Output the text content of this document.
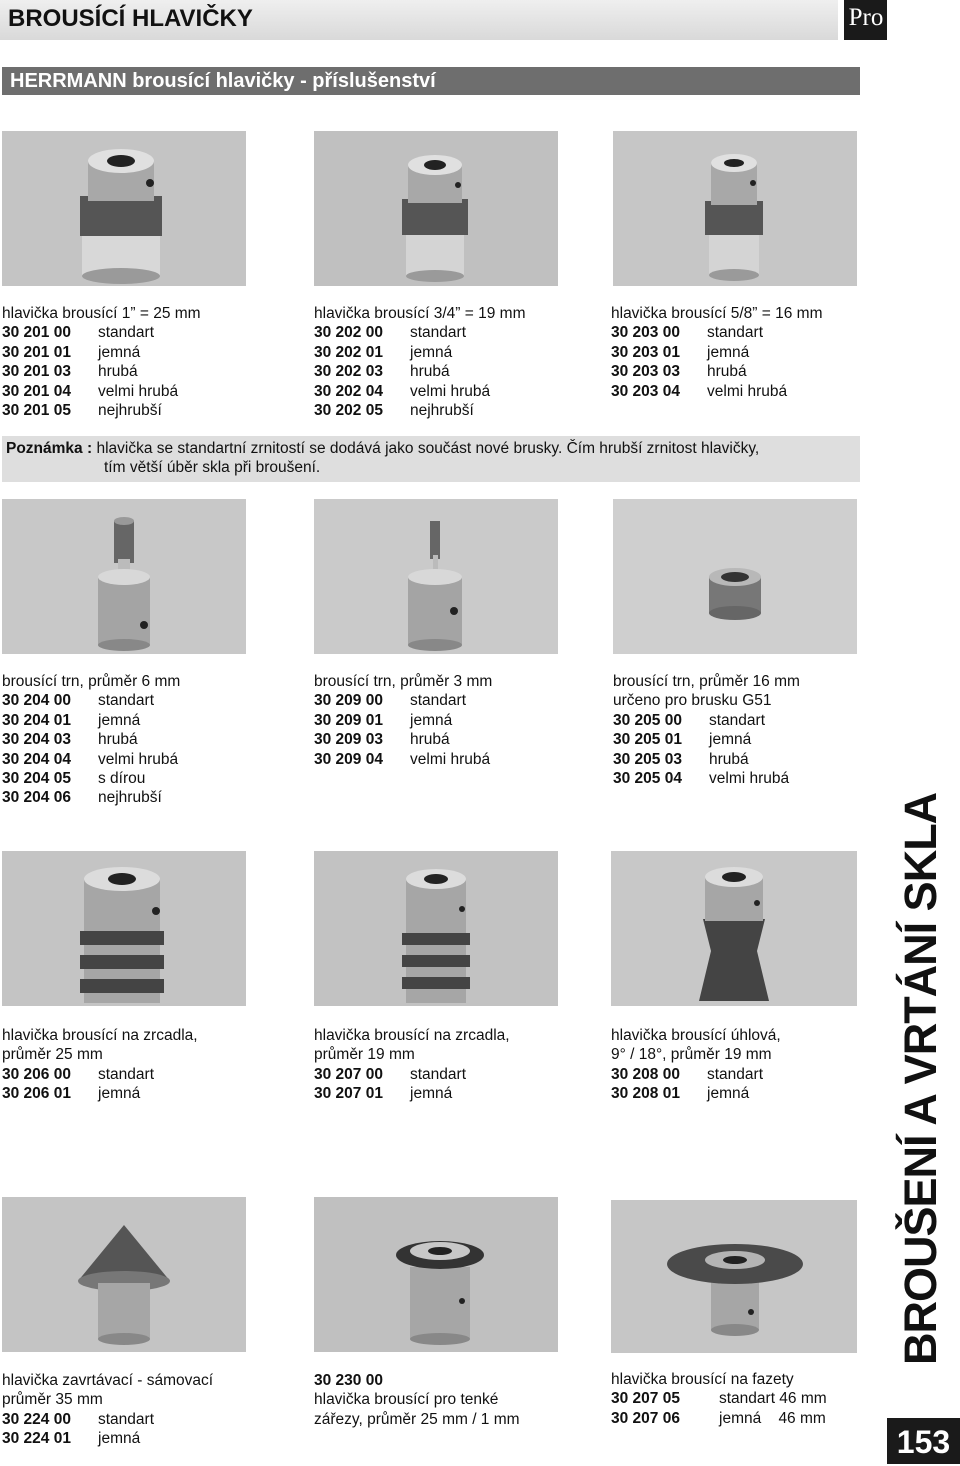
BROUSÍCÍ HLAVIČKY	Pro
HERRMANN brousící hlavičky - příslušenství
BROUŠENÍ A VRTÁNÍ SKLA
153
hlavička brousící 1” = 25 mm
30 201 00 standart
30 201 01 jemná
30 201 03 hrubá
30 201 04 velmi hrubá
30 201 05 nejhrubší
hlavička brousící 3/4” = 19 mm
30 202 00 standart
30 202 01 jemná
30 202 03 hrubá
30 202 04 velmi hrubá
30 202 05 nejhrubší
hlavička brousící 5/8” = 16 mm
30 203 00 standart
30 203 01 jemná
30 203 03 hrubá
30 203 04 velmi hrubá
Poznámka : hlavička se standartní zrnitostí se dodává jako součást nové brusky. Čím hrubší zrnitost hlavičky,
tím větší úběr skla při broušení.
brousící trn, průměr 6 mm
30 204 00 standart
30 204 01 jemná
30 204 03 hrubá
30 204 04 velmi hrubá
30 204 05 s dírou
30 204 06 nejhrubší
brousící trn, průměr 3 mm
30 209 00 standart
30 209 01 jemná
30 209 03 hrubá
30 209 04 velmi hrubá
brousící trn, průměr 16 mm
určeno pro brusku G51
30 205 00 standart
30 205 01 jemná
30 205 03 hrubá
30 205 04 velmi hrubá
hlavička brousící na zrcadla,
průměr 25 mm
30 206 00 standart
30 206 01 jemná
hlavička brousící na zrcadla,
průměr 19 mm
30 207 00 standart
30 207 01 jemná
hlavička brousící úhlová,
9° / 18°, průměr 19 mm
30 208 00 standart
30 208 01 jemná
hlavička zavrtávací - sámovací
průměr 35 mm
30 224 00 standart
30 224 01 jemná
30 230 00
hlavička brousící pro tenké
zářezy, průměr 25 mm / 1 mm
hlavička brousící na fazety
30 207 05	standart 46 mm
30 207 06	jemná    46 mm
